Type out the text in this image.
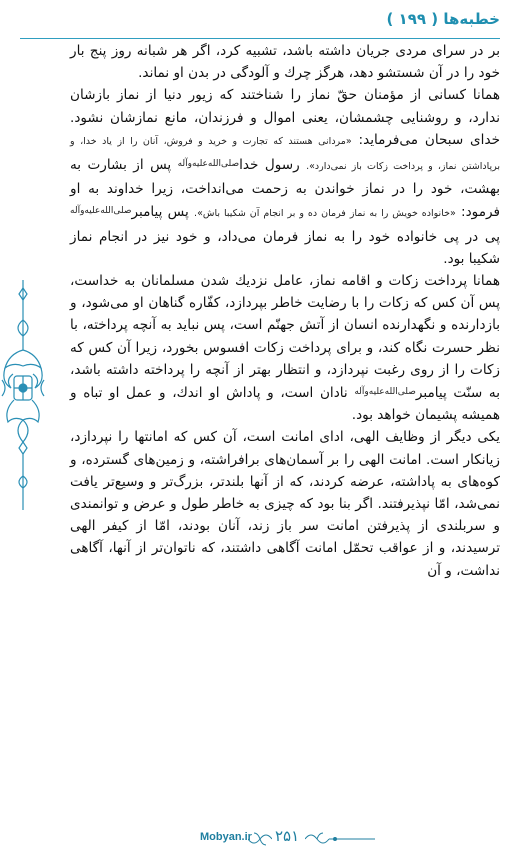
خطبه‌ها ( ۱۹۹ )

بر در سرای مردی جریان داشته باشد، تشبیه کرد، اگر هر شبانه روز پنج بار خود را در آن شستشو دهد، هرگز چرك و آلودگی در بدن او نماند.

همانا كسانی از مؤمنان حقّ نماز را شناختند كه زیور دنیا از نماز بازشان ندارد، و روشنایی چشمشان، یعنی اموال و فرزندان، مانع نمازشان نشود. خدای سبحان می‌فرماید: «مردانی هستند كه تجارت و خرید و فروش، آنان را از یاد خدا، و برپاداشتن نماز، و پرداخت زكات باز نمی‌دارد». رسول خدا$^{صلی‌الله‌علیه‌وآله}$ پس از بشارت به بهشت، خود را در نماز خواندن به زحمت می‌انداخت، زیرا خداوند به او فرمود: «خانواده خویش را به نماز فرمان ده و بر انجام آن شكیبا باش». پس پیامبر$^{صلی‌الله‌علیه‌وآله}$ پی در پی خانواده خود را به نماز فرمان می‌داد، و خود نیز در انجام نماز شكیبا بود.

همانا پرداخت زكات و اقامه نماز، عامل نزدیك شدن مسلمانان به خداست، پس آن كس كه زكات را با رضایت خاطر بپردازد، كفّاره گناهان او می‌شود، و بازدارنده و نگهدارنده انسان از آتش جهنّم است، پس نباید به آنچه پرداخته، با نظر حسرت نگاه كند، و برای پرداخت زكات افسوس بخورد، زیرا آن كس كه زكات را از روی رغبت نپردازد، و انتظار بهتر از آنچه را پرداخته داشته باشد، به سنّت پیامبر$^{صلی‌الله‌علیه‌وآله}$ نادان است، و پاداش او اندك، و عمل او تباه و همیشه پشیمان خواهد بود.

یكی دیگر از وظایف الهی، ادای امانت است، آن كس كه امانتها را نپردازد، زیانكار است. امانت الهی را بر آسمان‌های برافراشته، و زمین‌های گسترده، و كوه‌های به پاداشته، عرضه كردند، كه از آنها بلندتر، بزرگ‌تر و وسیع‌تر یافت نمی‌شد، امّا نپذیرفتند. اگر بنا بود كه چیزی به خاطر طول و عرض و توانمندی و سربلندی از پذیرفتن امانت سر باز زند، آنان بودند، امّا از كیفر الهی ترسیدند، و از عواقب تحمّل امانت آگاهی داشتند، كه ناتوان‌تر از آنها، آگاهی نداشت، و آن

Mobyan.ir ۲۵۱
